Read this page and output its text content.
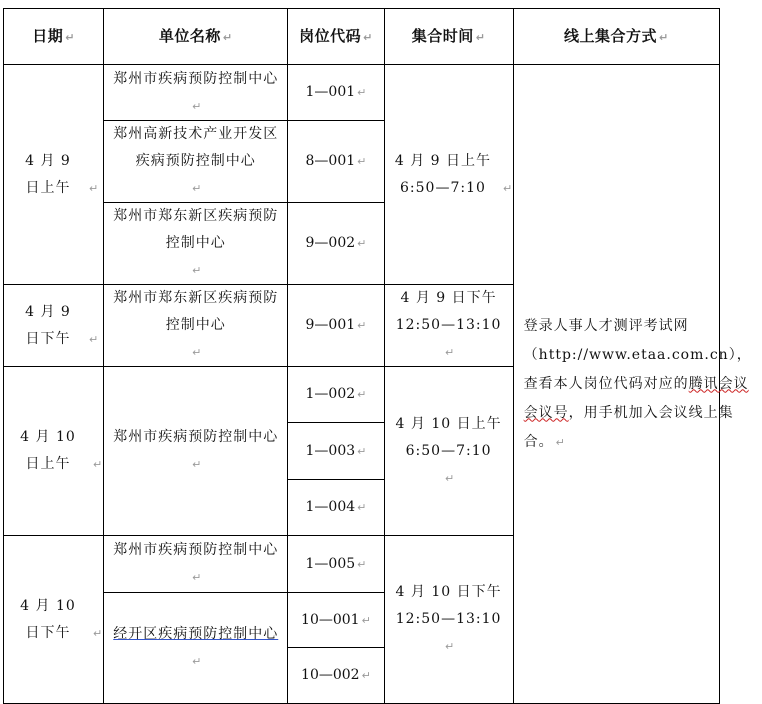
日期 ↵	单位名称 ↵	岗位代码 ↵	集合时间 ↵	线上集合方式 ↵
4 月 9 日上午 ↵	郑州市疾病预防控制中心↵	1—001 ↵	4 月 9 日上午 6:50—7:10 ↵	登录人事人才测评考试网（http://www.etaa.com.cn），查看本人岗位代码对应的腾讯会议会议号，用手机加入会议线上集合。 ↵
	郑州高新技术产业开发区疾病预防控制中心↵	8—001 ↵		
	郑州市郑东新区疾病预防控制中心↵	9—002 ↵		
4 月 9 日下午 ↵	郑州市郑东新区疾病预防控制中心↵	9—001 ↵	4 月 9 日下午 12:50—13:10↵	
4 月 10 日上午 ↵	郑州市疾病预防控制中心↵	1—002 ↵	4 月 10 日上午 6:50—7:10↵	
		1—003 ↵		
		1—004 ↵		
4 月 10 日下午 ↵	郑州市疾病预防控制中心↵	1—005 ↵	4 月 10 日下午 12:50—13:10↵	
	经开区疾病预防控制中心↵	10—001 ↵		
		10—002 ↵		
